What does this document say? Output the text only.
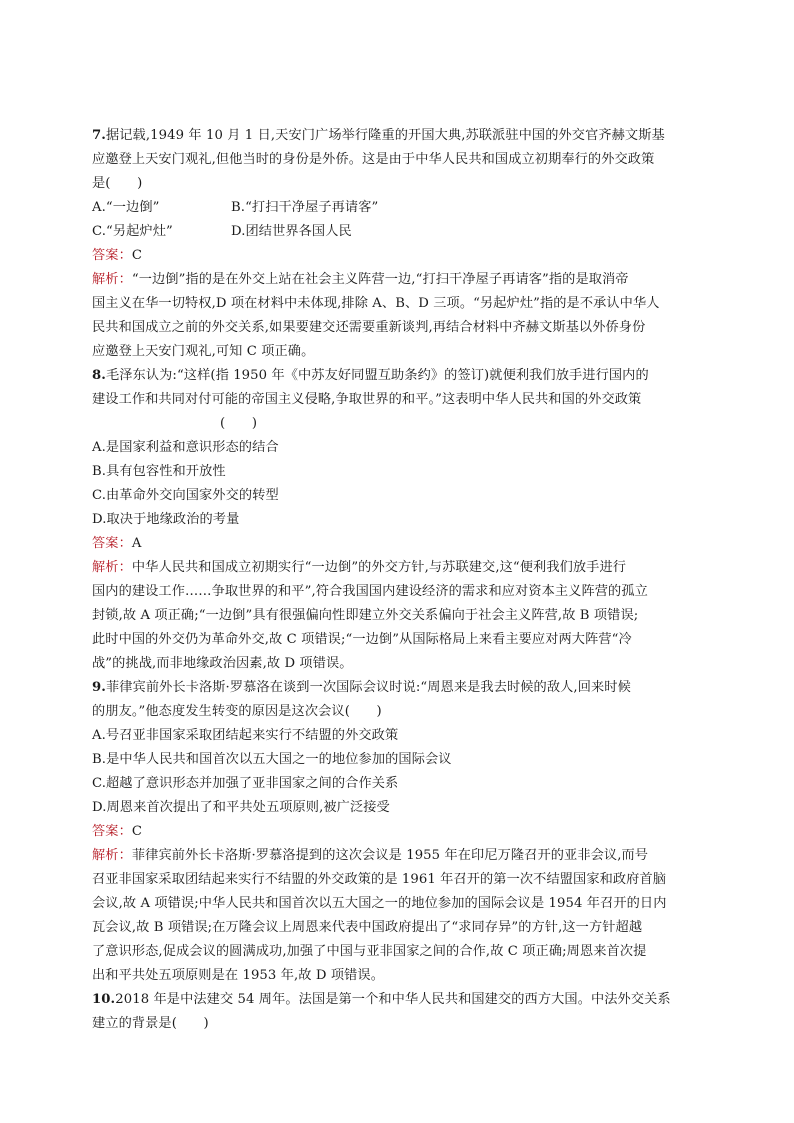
7.据记载,1949 年 10 月 1 日,天安门广场举行隆重的开国大典,苏联派驻中国的外交官齐赫文斯基
应邀登上天安门观礼,但他当时的身份是外侨。这是由于中华人民共和国成立初期奉行的外交政策
是(　　)
A.“一边倒”	B.“打扫干净屋子再请客”
C.“另起炉灶”	D.团结世界各国人民
答案：C
解析：“一边倒”指的是在外交上站在社会主义阵营一边,“打扫干净屋子再请客”指的是取消帝
国主义在华一切特权,D 项在材料中未体现,排除 A、B、D 三项。“另起炉灶”指的是不承认中华人
民共和国成立之前的外交关系,如果要建交还需要重新谈判,再结合材料中齐赫文斯基以外侨身份
应邀登上天安门观礼,可知 C 项正确。
8.毛泽东认为:“这样(指 1950 年《中苏友好同盟互助条约》的签订)就便利我们放手进行国内的
建设工作和共同对付可能的帝国主义侵略,争取世界的和平。”这表明中华人民共和国的外交政策
(　　)
A.是国家利益和意识形态的结合
B.具有包容性和开放性
C.由革命外交向国家外交的转型
D.取决于地缘政治的考量
答案：A
解析：中华人民共和国成立初期实行“一边倒”的外交方针,与苏联建交,这“便利我们放手进行
国内的建设工作……争取世界的和平”,符合我国国内建设经济的需求和应对资本主义阵营的孤立
封锁,故 A 项正确;“一边倒”具有很强偏向性即建立外交关系偏向于社会主义阵营,故 B 项错误;
此时中国的外交仍为革命外交,故 C 项错误;“一边倒”从国际格局上来看主要应对两大阵营“冷
战”的挑战,而非地缘政治因素,故 D 项错误。
9.菲律宾前外长卡洛斯·罗慕洛在谈到一次国际会议时说:“周恩来是我去时候的敌人,回来时候
的朋友。”他态度发生转变的原因是这次会议(　　)
A.号召亚非国家采取团结起来实行不结盟的外交政策
B.是中华人民共和国首次以五大国之一的地位参加的国际会议
C.超越了意识形态并加强了亚非国家之间的合作关系
D.周恩来首次提出了和平共处五项原则,被广泛接受
答案：C
解析：菲律宾前外长卡洛斯·罗慕洛提到的这次会议是 1955 年在印尼万隆召开的亚非会议,而号
召亚非国家采取团结起来实行不结盟的外交政策的是 1961 年召开的第一次不结盟国家和政府首脑
会议,故 A 项错误;中华人民共和国首次以五大国之一的地位参加的国际会议是 1954 年召开的日内
瓦会议,故 B 项错误;在万隆会议上周恩来代表中国政府提出了“求同存异”的方针,这一方针超越
了意识形态,促成会议的圆满成功,加强了中国与亚非国家之间的合作,故 C 项正确;周恩来首次提
出和平共处五项原则是在 1953 年,故 D 项错误。
10.2018 年是中法建交 54 周年。法国是第一个和中华人民共和国建交的西方大国。中法外交关系
建立的背景是(　　)
